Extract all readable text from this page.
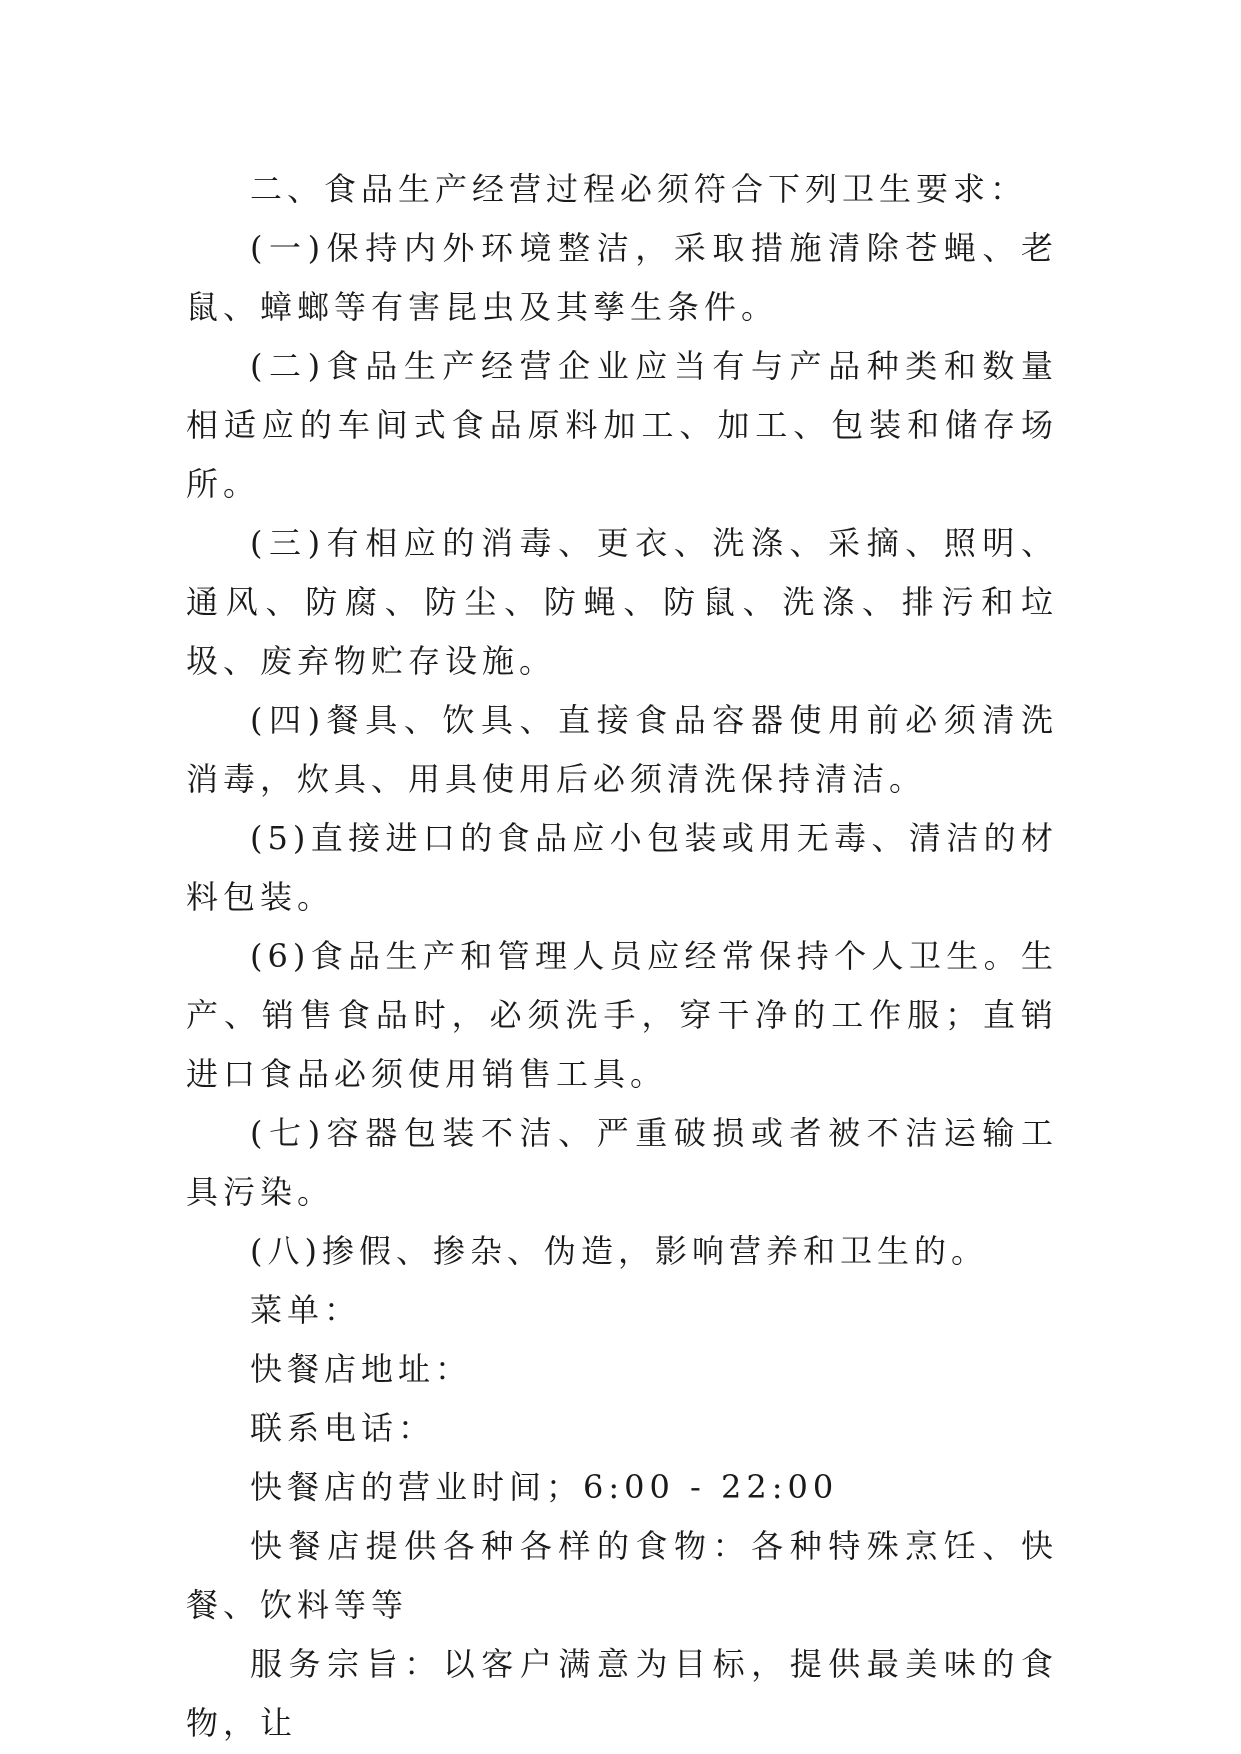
二、食品生产经营过程必须符合下列卫生要求：

(一)保持内外环境整洁，采取措施清除苍蝇、老鼠、蟑螂等有害昆虫及其孳生条件。

(二)食品生产经营企业应当有与产品种类和数量相适应的车间式食品原料加工、加工、包装和储存场所。

(三)有相应的消毒、更衣、洗涤、采摘、照明、通风、防腐、防尘、防蝇、防鼠、洗涤、排污和垃圾、废弃物贮存设施。

(四)餐具、饮具、直接食品容器使用前必须清洗消毒，炊具、用具使用后必须清洗保持清洁。

(5)直接进口的食品应小包装或用无毒、清洁的材料包装。

(6)食品生产和管理人员应经常保持个人卫生。生产、销售食品时，必须洗手，穿干净的工作服；直销进口食品必须使用销售工具。

(七)容器包装不洁、严重破损或者被不洁运输工具污染。

(八)掺假、掺杂、伪造，影响营养和卫生的。

菜单：

快餐店地址：

联系电话：

快餐店的营业时间；6:00 - 22:00

快餐店提供各种各样的食物：各种特殊烹饪、快餐、饮料等等

服务宗旨：以客户满意为目标，提供最美味的食物，让
